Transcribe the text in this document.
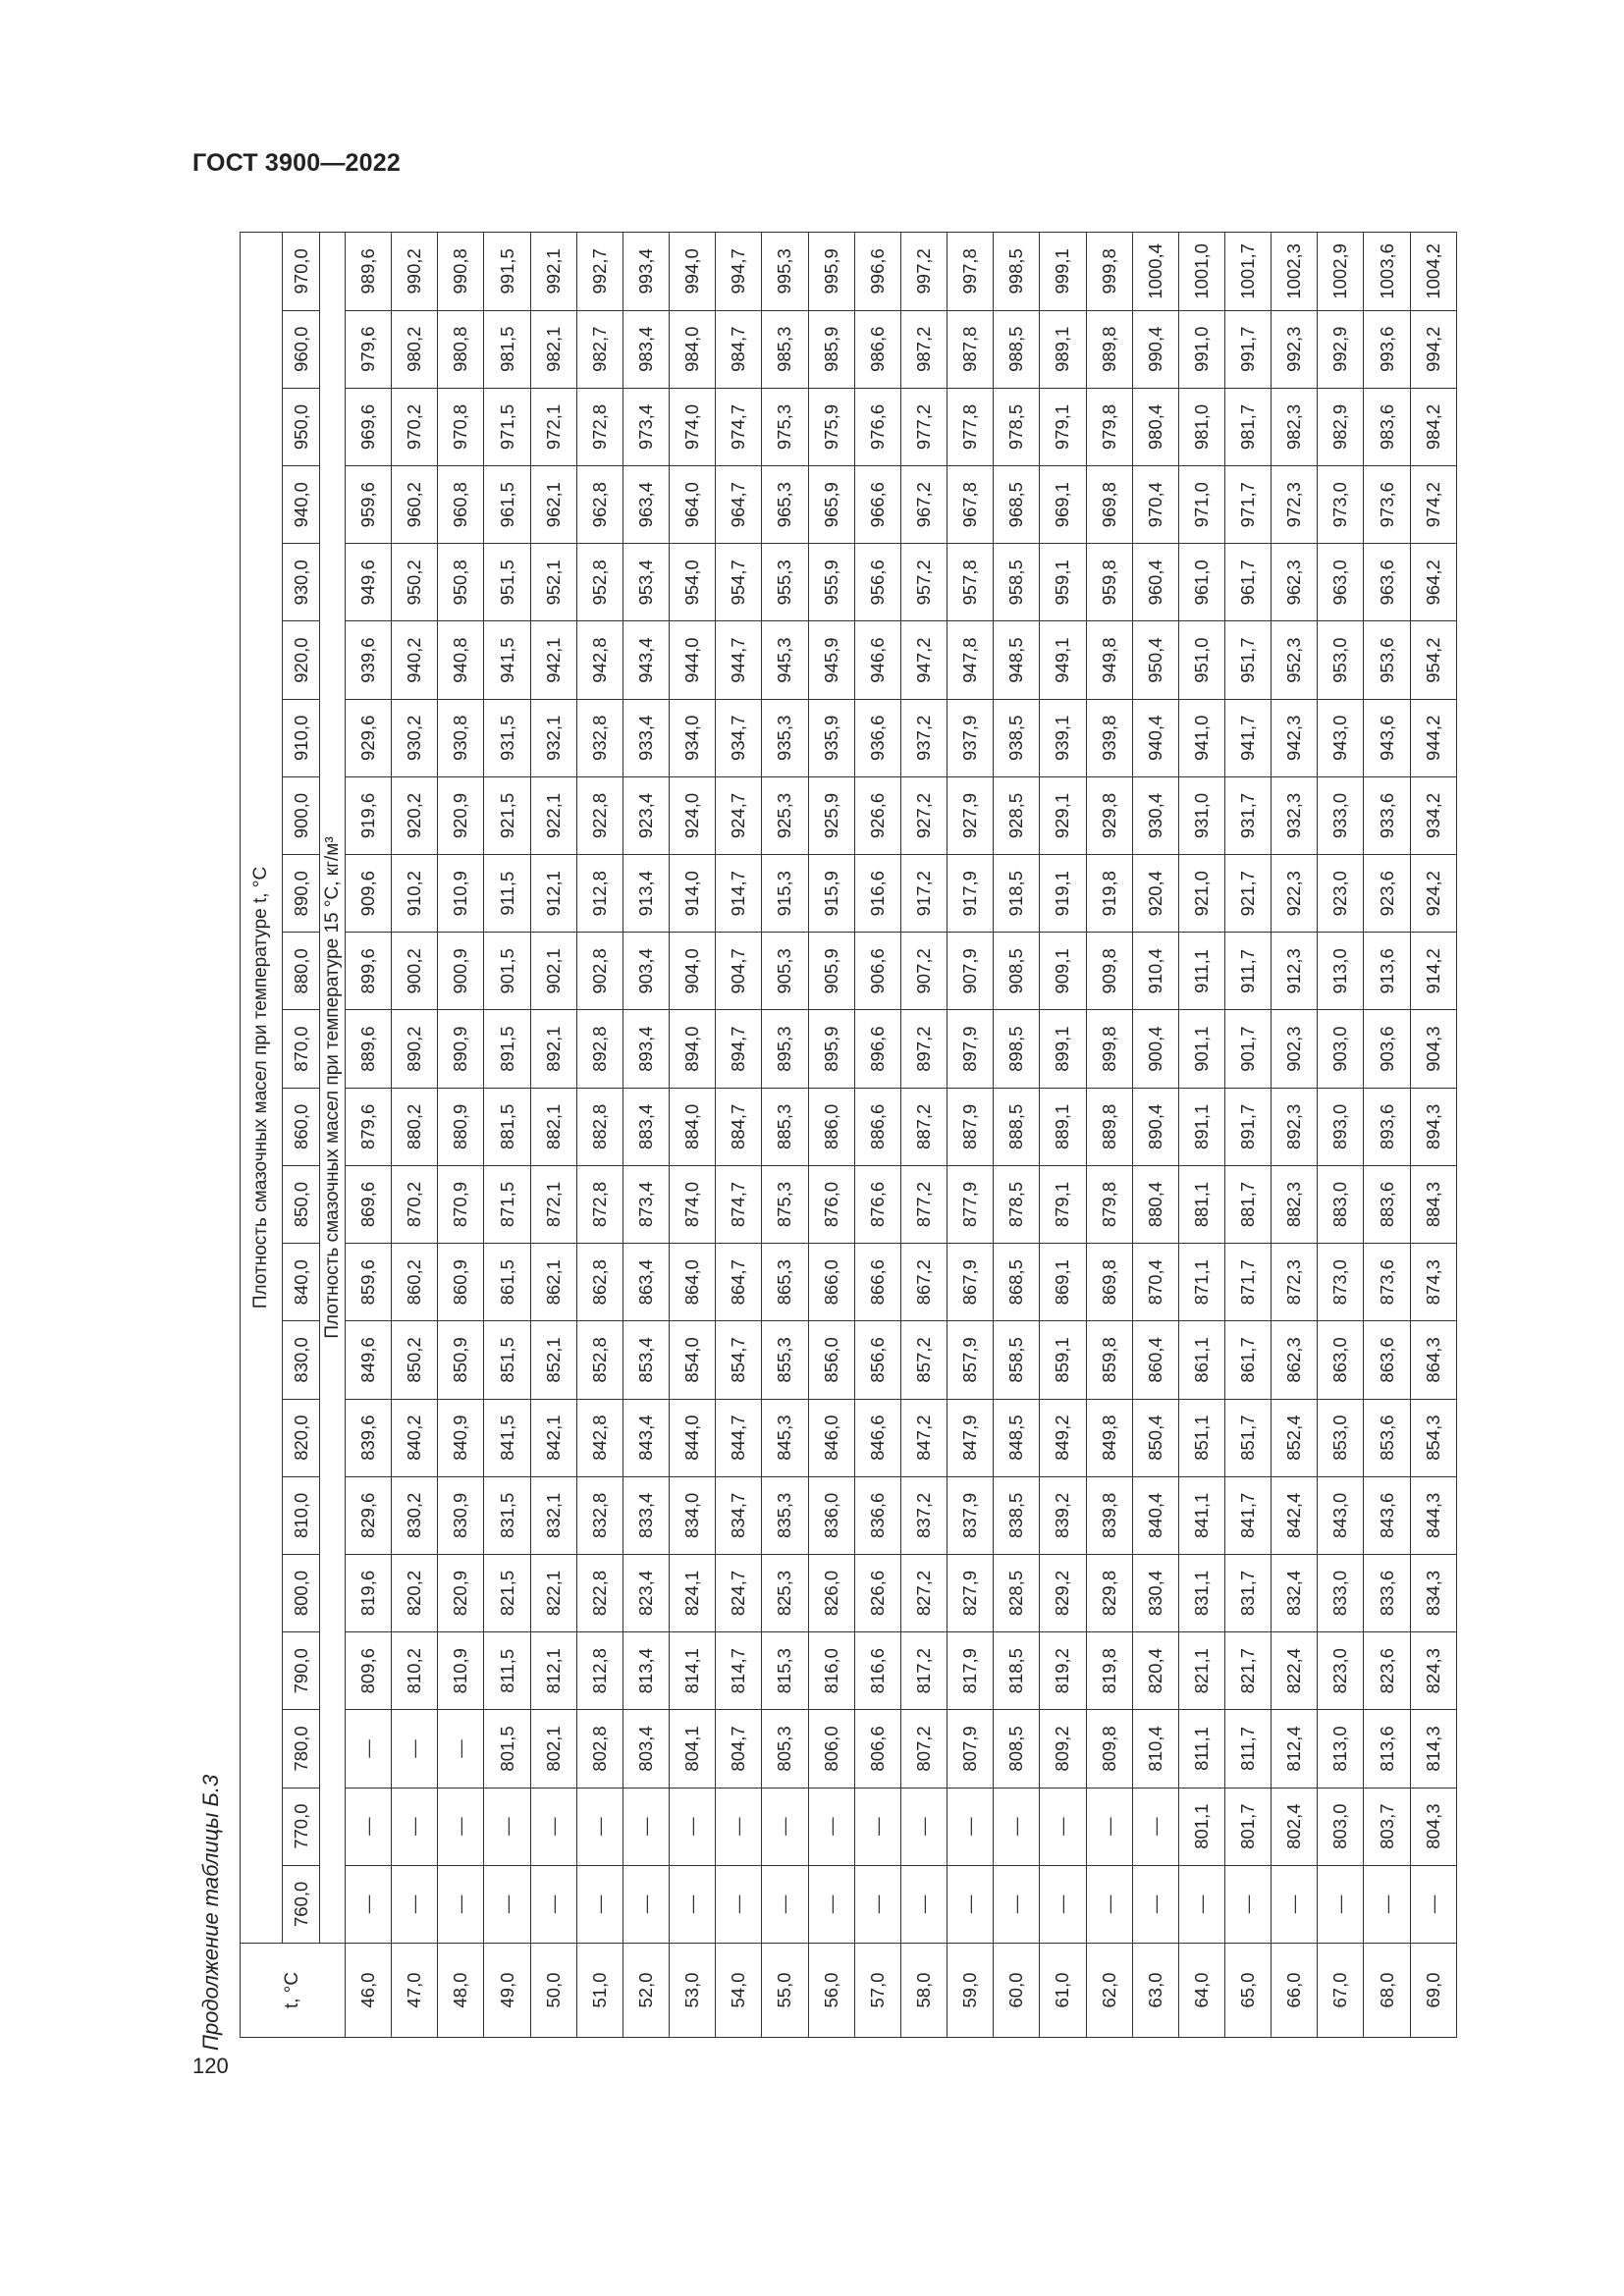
ГОСТ 3900—2022
120
Продолжение таблицы Б.3	t, °C	Плотность смазочных масел при температуре t, °C																					
	760,0	770,0	780,0	790,0	800,0	810,0	820,0	830,0	840,0	850,0	860,0	870,0	880,0	890,0	900,0	910,0	920,0	930,0	940,0	950,0	960,0	970,0
	Плотность смазочных масел при температуре 15 °C, кг/м³																					
46,0	—	—	—	809,6	819,6	829,6	839,6	849,6	859,6	869,6	879,6	889,6	899,6	909,6	919,6	929,6	939,6	949,6	959,6	969,6	979,6	989,6
47,0	—	—	—	810,2	820,2	830,2	840,2	850,2	860,2	870,2	880,2	890,2	900,2	910,2	920,2	930,2	940,2	950,2	960,2	970,2	980,2	990,2
48,0	—	—	—	810,9	820,9	830,9	840,9	850,9	860,9	870,9	880,9	890,9	900,9	910,9	920,9	930,8	940,8	950,8	960,8	970,8	980,8	990,8
49,0	—	—	801,5	811,5	821,5	831,5	841,5	851,5	861,5	871,5	881,5	891,5	901,5	911,5	921,5	931,5	941,5	951,5	961,5	971,5	981,5	991,5
50,0	—	—	802,1	812,1	822,1	832,1	842,1	852,1	862,1	872,1	882,1	892,1	902,1	912,1	922,1	932,1	942,1	952,1	962,1	972,1	982,1	992,1
51,0	—	—	802,8	812,8	822,8	832,8	842,8	852,8	862,8	872,8	882,8	892,8	902,8	912,8	922,8	932,8	942,8	952,8	962,8	972,8	982,7	992,7
52,0	—	—	803,4	813,4	823,4	833,4	843,4	853,4	863,4	873,4	883,4	893,4	903,4	913,4	923,4	933,4	943,4	953,4	963,4	973,4	983,4	993,4
53,0	—	—	804,1	814,1	824,1	834,0	844,0	854,0	864,0	874,0	884,0	894,0	904,0	914,0	924,0	934,0	944,0	954,0	964,0	974,0	984,0	994,0
54,0	—	—	804,7	814,7	824,7	834,7	844,7	854,7	864,7	874,7	884,7	894,7	904,7	914,7	924,7	934,7	944,7	954,7	964,7	974,7	984,7	994,7
55,0	—	—	805,3	815,3	825,3	835,3	845,3	855,3	865,3	875,3	885,3	895,3	905,3	915,3	925,3	935,3	945,3	955,3	965,3	975,3	985,3	995,3
56,0	—	—	806,0	816,0	826,0	836,0	846,0	856,0	866,0	876,0	886,0	895,9	905,9	915,9	925,9	935,9	945,9	955,9	965,9	975,9	985,9	995,9
57,0	—	—	806,6	816,6	826,6	836,6	846,6	856,6	866,6	876,6	886,6	896,6	906,6	916,6	926,6	936,6	946,6	956,6	966,6	976,6	986,6	996,6
58,0	—	—	807,2	817,2	827,2	837,2	847,2	857,2	867,2	877,2	887,2	897,2	907,2	917,2	927,2	937,2	947,2	957,2	967,2	977,2	987,2	997,2
59,0	—	—	807,9	817,9	827,9	837,9	847,9	857,9	867,9	877,9	887,9	897,9	907,9	917,9	927,9	937,9	947,8	957,8	967,8	977,8	987,8	997,8
60,0	—	—	808,5	818,5	828,5	838,5	848,5	858,5	868,5	878,5	888,5	898,5	908,5	918,5	928,5	938,5	948,5	958,5	968,5	978,5	988,5	998,5
61,0	—	—	809,2	819,2	829,2	839,2	849,2	859,1	869,1	879,1	889,1	899,1	909,1	919,1	929,1	939,1	949,1	959,1	969,1	979,1	989,1	999,1
62,0	—	—	809,8	819,8	829,8	839,8	849,8	859,8	869,8	879,8	889,8	899,8	909,8	919,8	929,8	939,8	949,8	959,8	969,8	979,8	989,8	999,8
63,0	—	—	810,4	820,4	830,4	840,4	850,4	860,4	870,4	880,4	890,4	900,4	910,4	920,4	930,4	940,4	950,4	960,4	970,4	980,4	990,4	1000,4
64,0	—	801,1	811,1	821,1	831,1	841,1	851,1	861,1	871,1	881,1	891,1	901,1	911,1	921,0	931,0	941,0	951,0	961,0	971,0	981,0	991,0	1001,0
65,0	—	801,7	811,7	821,7	831,7	841,7	851,7	861,7	871,7	881,7	891,7	901,7	911,7	921,7	931,7	941,7	951,7	961,7	971,7	981,7	991,7	1001,7
66,0	—	802,4	812,4	822,4	832,4	842,4	852,4	862,3	872,3	882,3	892,3	902,3	912,3	922,3	932,3	942,3	952,3	962,3	972,3	982,3	992,3	1002,3
67,0	—	803,0	813,0	823,0	833,0	843,0	853,0	863,0	873,0	883,0	893,0	903,0	913,0	923,0	933,0	943,0	953,0	963,0	973,0	982,9	992,9	1002,9
68,0	—	803,7	813,6	823,6	833,6	843,6	853,6	863,6	873,6	883,6	893,6	903,6	913,6	923,6	933,6	943,6	953,6	963,6	973,6	983,6	993,6	1003,6
69,0	—	804,3	814,3	824,3	834,3	844,3	854,3	864,3	874,3	884,3	894,3	904,3	914,2	924,2	934,2	944,2	954,2	964,2	974,2	984,2	994,2	1004,2
